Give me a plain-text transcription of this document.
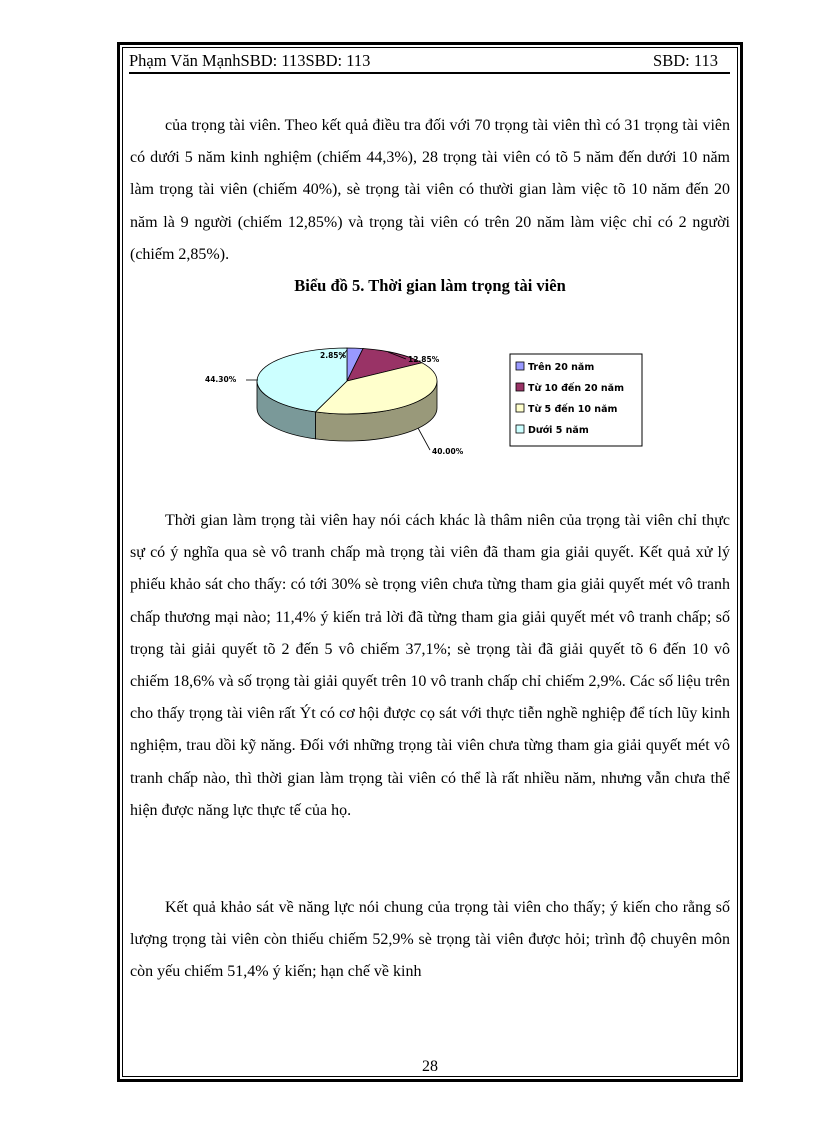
Phạm Văn MạnhSBD: 113SBD: 113	SBD: 113
của trọng tài viên. Theo kết quả điều tra đối với 70 trọng tài viên thì có 31 trọng tài viên có dưới 5 năm kinh nghiệm (chiếm 44,3%), 28 trọng tài viên có tõ 5 năm đến dưới 10 năm làm trọng tài viên (chiếm 40%), sè trọng tài viên có thười gian làm việc tõ 10 năm đến 20 năm là 9 người (chiếm 12,85%) và trọng tài viên có trên 20 năm làm việc chỉ có 2 người (chiếm 2,85%).
Biểu đồ 5. Thời gian làm trọng tài viên
2.85%	12.85%
40.00%
44.30%
Trên 20 năm
Từ 10 đến 20 năm
Từ 5 đến 10 năm
Dưới 5 năm
Thời gian làm trọng tài viên hay nói cách khác là thâm niên của trọng tài viên chỉ thực sự có ý nghĩa qua sè vô tranh chấp mà trọng tài viên đã tham gia giải quyết. Kết quả xử lý phiếu khảo sát cho thấy: có tới 30% sè trọng viên chưa từng tham gia giải quyết mét vô tranh chấp thương mại nào; 11,4% ý kiến trả lời đã từng tham gia giải quyết mét vô tranh chấp; số trọng tài giải quyết tõ 2 đến 5 vô chiếm 37,1%; sè trọng tài đã giải quyết tõ 6 đến 10 vô chiếm 18,6% và số trọng tài giải quyết trên 10 vô tranh chấp chỉ chiếm 2,9%. Các số liệu trên cho thấy trọng tài viên rất Ýt có cơ hội được cọ sát với thực tiễn nghề nghiệp để tích lũy kinh nghiệm, trau dồi kỹ năng. Đối với những trọng tài viên chưa từng tham gia giải quyết mét vô tranh chấp nào, thì thời gian làm trọng tài viên có thể là rất nhiều năm, nhưng vẫn chưa thể hiện được năng lực thực tế của họ.
Kết quả khảo sát về năng lực nói chung của trọng tài viên cho thấy; ý kiến cho rằng số lượng trọng tài viên còn thiếu chiếm 52,9% sè trọng tài viên được hỏi; trình độ chuyên môn còn yếu chiếm 51,4% ý kiến; hạn chế về kinh
28
